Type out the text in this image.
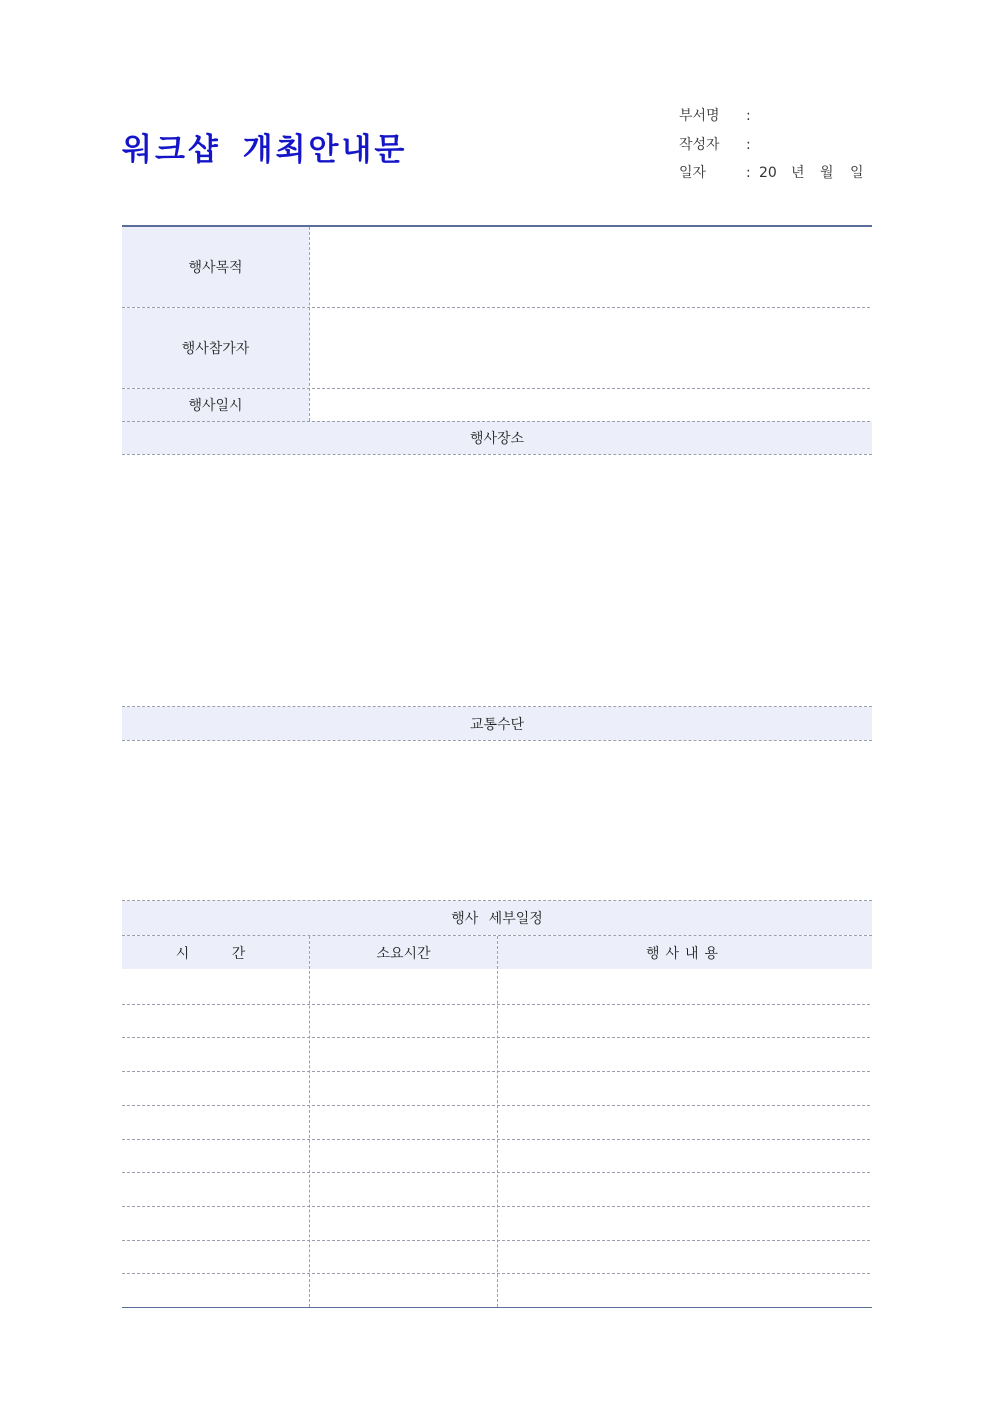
워크샵 개최안내문
부서명	:
작성자	:
일자	: 20 년 월 일
행사목적
행사참가자
행사일시
행사장소
교통수단
행사 세부일정
시 간	소요시간	행사내용
